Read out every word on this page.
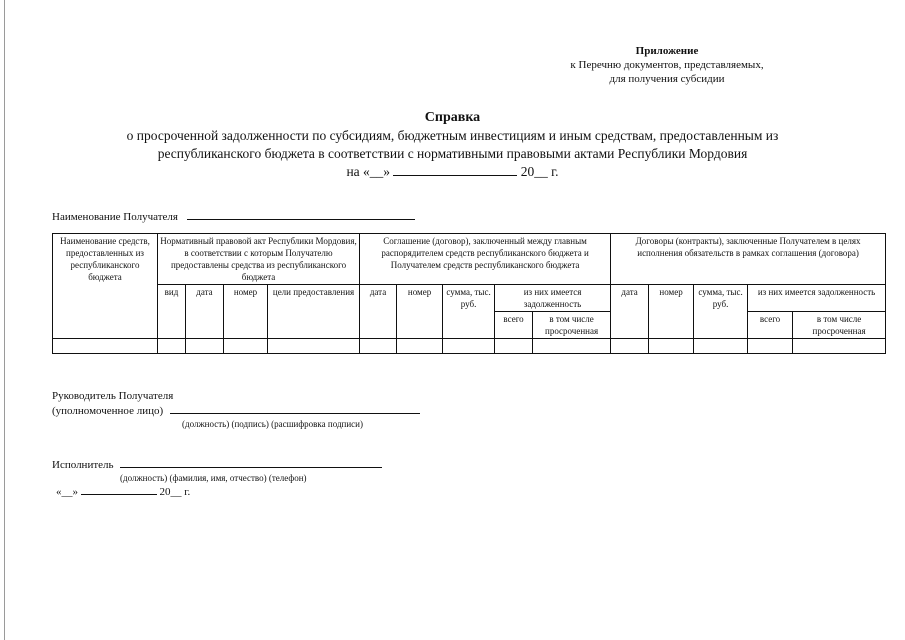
Приложение
к Перечню документов, представляемых,
для получения субсидии
Справка
о просроченной задолженности по субсидиям, бюджетным инвестициям и иным средствам, предоставленным из
республиканского бюджета в соответствии с нормативными правовыми актами Республики Мордовия
на «__»	20__ г.
Наименование Получателя
Наименование средств, предоставленных из республиканского бюджета	Нормативный правовой акт Республики Мордовия, в соответствии с которым Получателю предоставлены средства из республиканского бюджета				Соглашение (договор), заключенный между главным распорядителем средств республиканского бюджета и Получателем средств республиканского бюджета					Договоры (контракты), заключенные Получателем в целях исполнения обязательств в рамках соглашения (договора)				
	вид	дата	номер	цели предоставления	дата	номер	сумма, тыс. руб.	из них имеется задолженность		дата	номер	сумма, тыс. руб.	из них имеется задолженность	
								всего	в том числе просроченная				всего	в том числе просроченная

Руководитель Получателя
(уполномоченное лицо)
(должность) (подпись) (расшифровка подписи)
Исполнитель
(должность) (фамилия, имя, отчество) (телефон)
«__»	20__ г.
